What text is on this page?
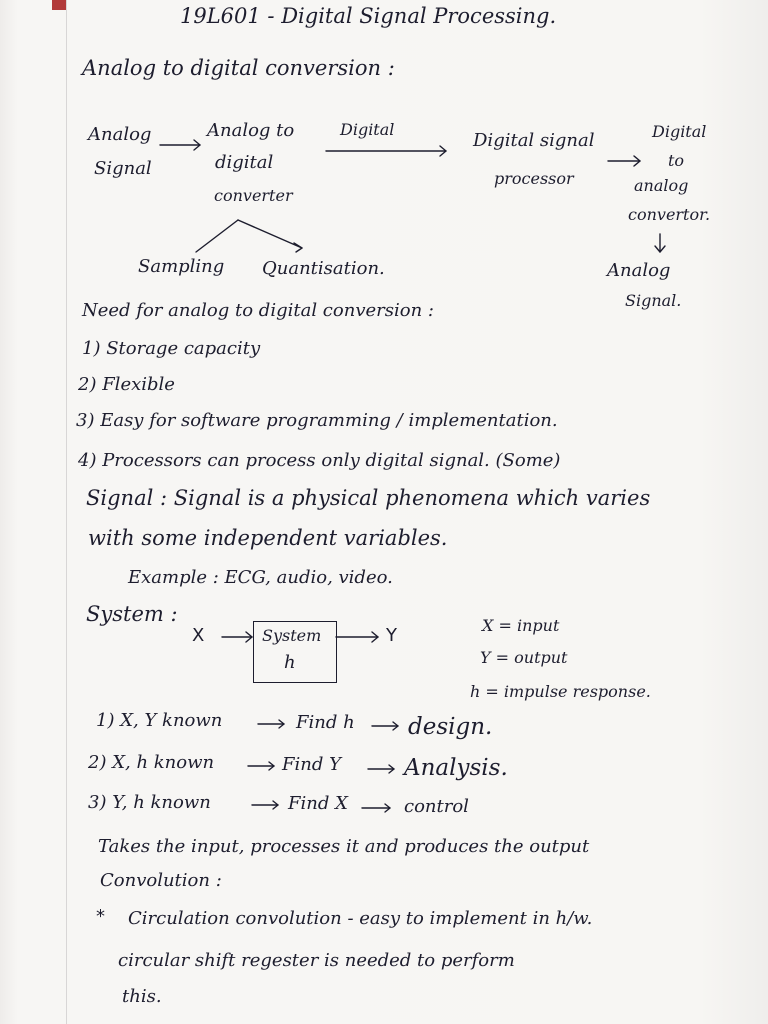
19L601 - Digital Signal Processing.
Analog to digital conversion :
Analog
Signal
Analog to
digital
converter
Digital
Digital signal
processor
Digital
to
analog
convertor.
Analog
Signal.
Sampling Quantisation.
Need for analog to digital conversion :
1) Storage capacity
2) Flexible
3) Easy for software programming / implementation.
4) Processors can process only digital signal. (Some)
Signal : Signal is a physical phenomena which varies
with some independent variables.
Example : ECG, audio, video.
System :
X	System
h
Y	X = input
Y = output
h = impulse response.
1) X, Y known	Find h design.
2) X, h known	Find Y	Analysis.
3) Y, h known	Find X	control
Takes the input, processes it and produces the output
Convolution :
* Circulation convolution - easy to implement in h/w.
circular shift regester is needed to perform
this.
